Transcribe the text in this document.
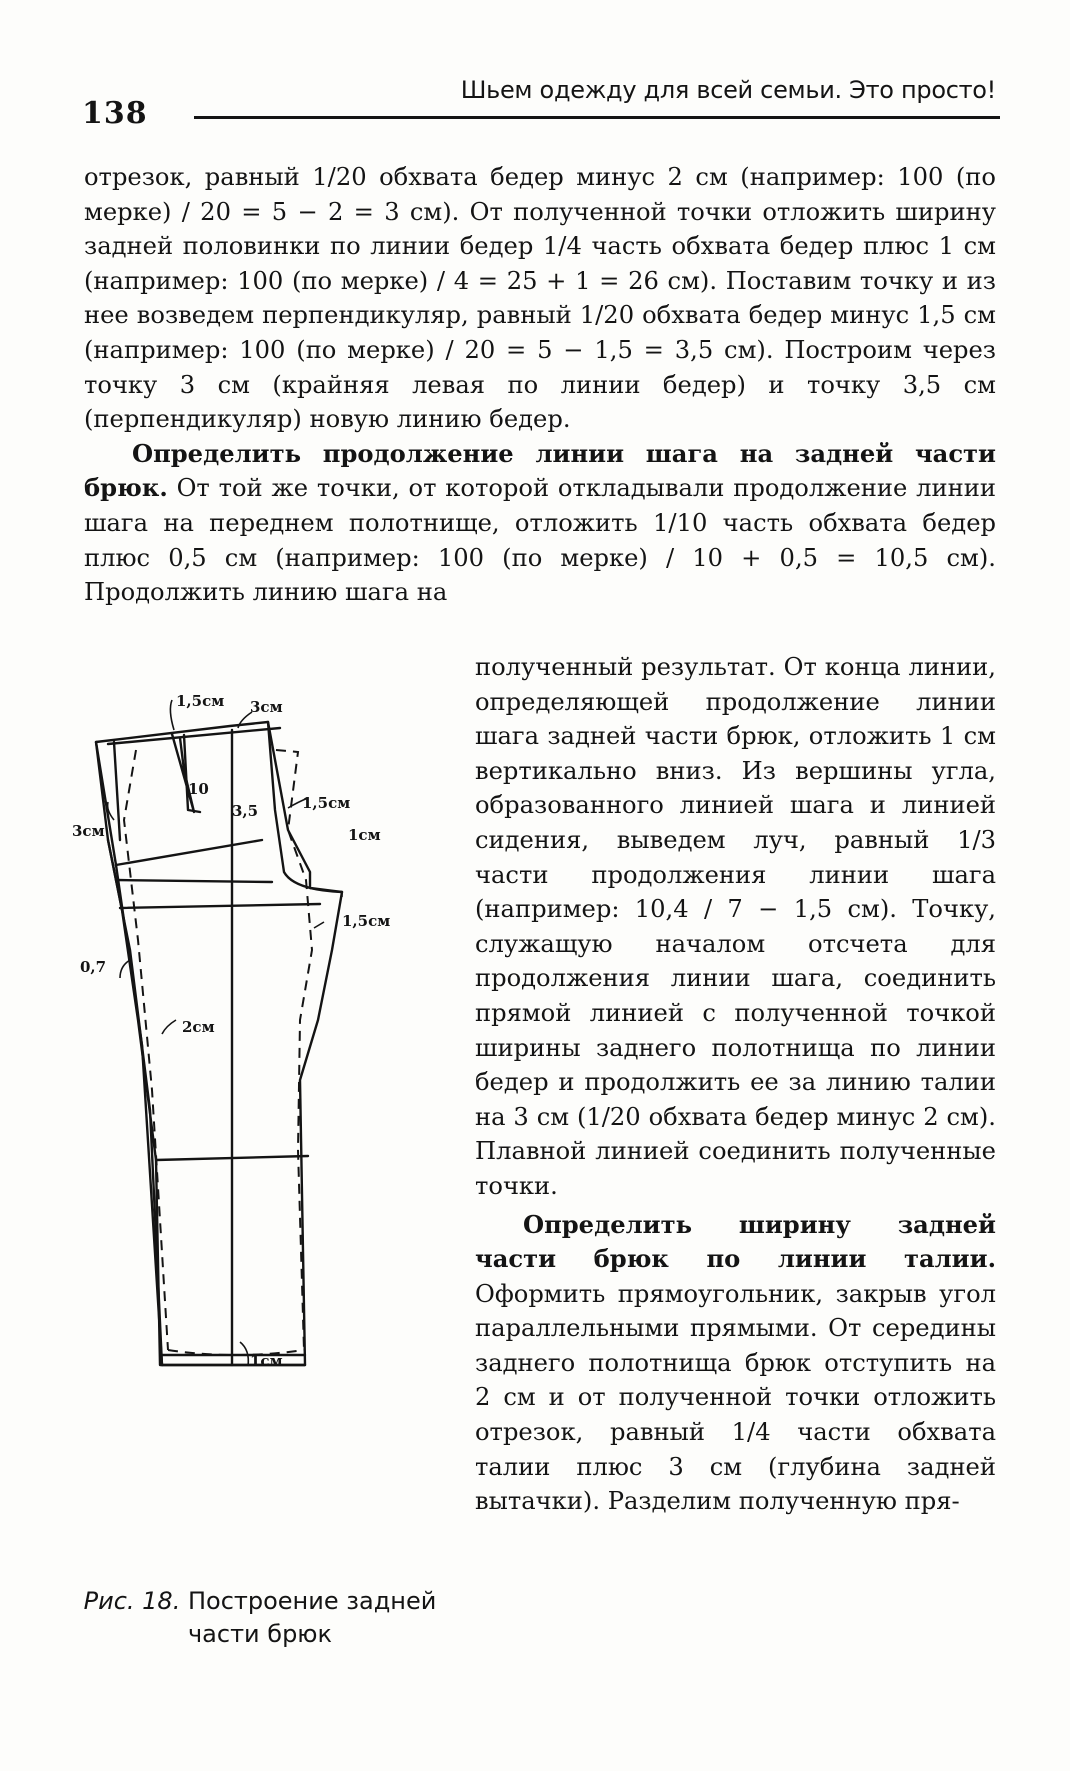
138
Шьем одежду для всей семьи. Это просто!

отрезок, равный 1/20 обхвата бедер минус 2 см (например: 100 (по мерке) / 20 = 5 − 2 = 3 см). От полученной точки отложить ширину задней половинки по линии бедер 1/4 часть обхвата бедер плюс 1 см (например: 100 (по мерке) / 4 = 25 + 1 = 26 см). Поставим точку и из нее возведем перпендикуляр, равный 1/20 обхвата бедер минус 1,5 см (например: 100 (по мерке) / 20 = 5 − 1,5 = 3,5 см). Построим через точку 3 см (крайняя левая по линии бедер) и точку 3,5 см (перпендикуляр) новую линию бедер.

Определить продолжение линии шага на задней части брюк. От той же точки, от которой откладывали продолжение линии шага на переднем полотнище, отложить 1/10 часть обхвата бедер плюс 0,5 см (например: 100 (по мерке) / 10 + 0,5 = 10,5 см). Продолжить линию шага на

полученный результат. От конца линии, определяющей продолжение линии шага задней части брюк, отложить 1 см вертикально вниз. Из вершины угла, образованного линией шага и линией сидения, выведем луч, равный 1/3 части продолжения линии шага (например: 10,4 / 7 − 1,5 см). Точку, служащую началом отсчета для продолжения линии шага, соединить прямой линией с полученной точкой ширины заднего полотнища по линии бедер и продолжить ее за линию талии на 3 см (1/20 обхвата бедер минус 2 см). Плавной линией соединить полученные точки.

Определить ширину задней части брюк по линии талии. Оформить прямоугольник, закрыв угол параллельными прямыми. От середины заднего полотнища брюк отступить на 2 см и от полученной точки отложить отрезок, равный 1/4 части обхвата талии плюс 3 см (глубина задней вытачки). Разделим полученную пря-

1,5см 3см
10
3,5	1,5см
1см
3см
1,5см
0,7
2см
1см
Рис. 18. Построение задней части брюк
